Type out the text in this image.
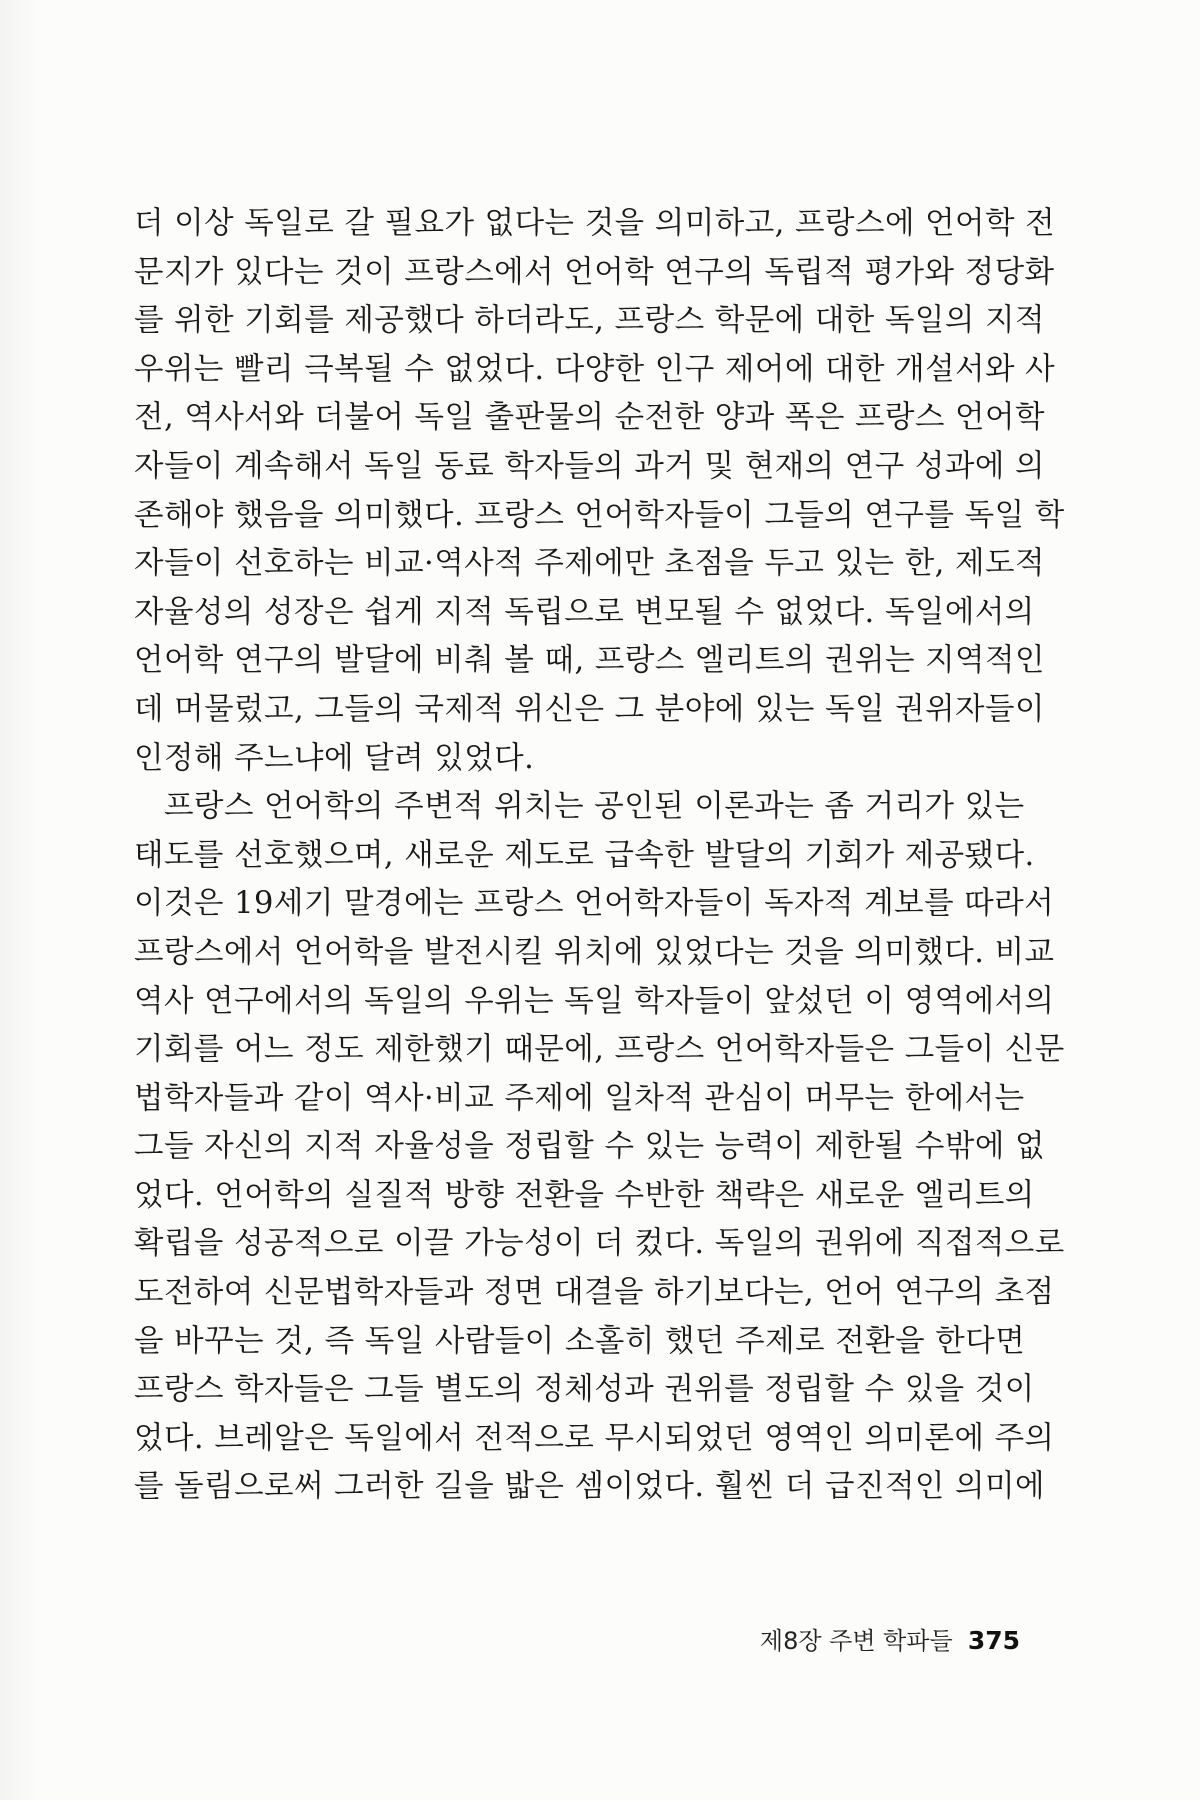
더 이상 독일로 갈 필요가 없다는 것을 의미하고, 프랑스에 언어학 전
문지가 있다는 것이 프랑스에서 언어학 연구의 독립적 평가와 정당화
를 위한 기회를 제공했다 하더라도, 프랑스 학문에 대한 독일의 지적
우위는 빨리 극복될 수 없었다. 다양한 인구 제어에 대한 개설서와 사
전, 역사서와 더불어 독일 출판물의 순전한 양과 폭은 프랑스 언어학
자들이 계속해서 독일 동료 학자들의 과거 및 현재의 연구 성과에 의
존해야 했음을 의미했다. 프랑스 언어학자들이 그들의 연구를 독일 학
자들이 선호하는 비교·역사적 주제에만 초점을 두고 있는 한, 제도적
자율성의 성장은 쉽게 지적 독립으로 변모될 수 없었다. 독일에서의
언어학 연구의 발달에 비춰 볼 때, 프랑스 엘리트의 권위는 지역적인
데 머물렀고, 그들의 국제적 위신은 그 분야에 있는 독일 권위자들이
인정해 주느냐에 달려 있었다.
프랑스 언어학의 주변적 위치는 공인된 이론과는 좀 거리가 있는
태도를 선호했으며, 새로운 제도로 급속한 발달의 기회가 제공됐다.
이것은 19세기 말경에는 프랑스 언어학자들이 독자적 계보를 따라서
프랑스에서 언어학을 발전시킬 위치에 있었다는 것을 의미했다. 비교
역사 연구에서의 독일의 우위는 독일 학자들이 앞섰던 이 영역에서의
기회를 어느 정도 제한했기 때문에, 프랑스 언어학자들은 그들이 신문
법학자들과 같이 역사·비교 주제에 일차적 관심이 머무는 한에서는
그들 자신의 지적 자율성을 정립할 수 있는 능력이 제한될 수밖에 없
었다. 언어학의 실질적 방향 전환을 수반한 책략은 새로운 엘리트의
확립을 성공적으로 이끌 가능성이 더 컸다. 독일의 권위에 직접적으로
도전하여 신문법학자들과 정면 대결을 하기보다는, 언어 연구의 초점
을 바꾸는 것, 즉 독일 사람들이 소홀히 했던 주제로 전환을 한다면
프랑스 학자들은 그들 별도의 정체성과 권위를 정립할 수 있을 것이
었다. 브레알은 독일에서 전적으로 무시되었던 영역인 의미론에 주의
를 돌림으로써 그러한 길을 밟은 셈이었다. 훨씬 더 급진적인 의미에
제8장 주변 학파들 375
